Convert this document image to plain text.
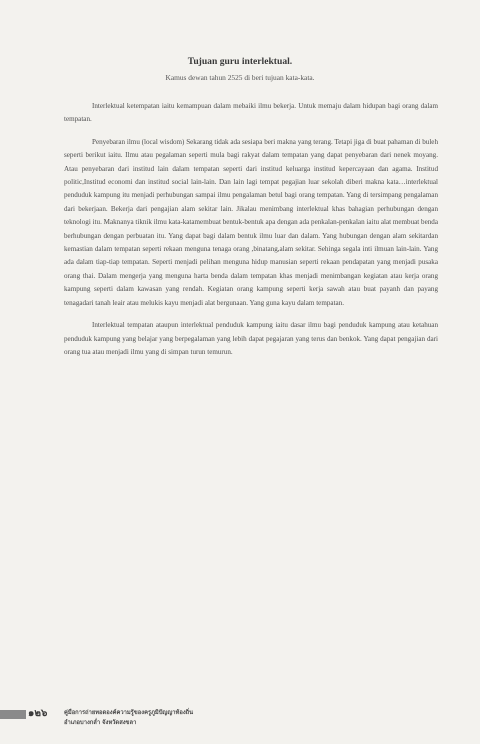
Tujuan guru interlektual.
Kamus dewan tahun 2525 di beri tujuan kata-kata.

Interlektual ketempatan iaitu kemampuan dalam mebaiki ilmu bekerja. Untuk memaju dalam hidupan bagi orang dalam tempatan.

Penyebaran ilmu (local wisdom) Sekarang tidak ada sesiapa beri makna yang terang. Tetapi jiga di buat pahaman di buleh seperti berikut iaitu. Ilmu atau pegalaman seperti mula bagi rakyat dalam tempatan yang dapat penyebaran dari nenek moyang. Atau penyebaran dari institud lain dalam tempatan seperti dari institud keluarga institud kepercayaan dan agama. Institud politic,Institud economi dan institud social lain-lain. Dan lain lagi tempat pegajian luar sekolah diberi makna kata…interlektual penduduk kampung itu menjadi perhubungan sampai ilmu pengalaman betul bagi orang tempatan. Yang di tersimpang pengalaman dari bekerjaan. Bekerja dari pengajian alam sekitar lain. Jikalau menimbang interlektual khas bahagian perhubungan dengan teknologi itu. Maknanya tiknik ilmu kata-katamembuat bentuk-bentuk apa dengan ada penkalan-penkalan iaitu alat membuat benda berhubungan dengan perbuatan itu. Yang dapat bagi dalam bentuk ilmu luar dan dalam. Yang hubungan dengan alam sekitardan kemastian dalam tempatan seperti rekaan menguna tenaga orang ,binatang,alam sekitar. Sehinga segala inti ilmuan lain-lain. Yang ada dalam tiap-tiap tempatan. Seperti menjadi pelihan menguna hidup manusian seperti rekaan pendapatan yang menjadi pusaka orang thai. Dalam mengerja yang menguna harta benda dalam tempatan khas menjadi menimbangan kegiatan atau kerja orang kampung seperti dalam kawasan yang rendah. Kegiatan orang kampung seperti kerja sawah atau buat payanh dan payang tenagadari tanah leair atau melukis kayu menjadi alat bergunaan. Yang guna kayu dalam tempatan.

Interlektual tempatan ataupun interlektual penduduk kampung iaitu dasar ilmu bagi penduduk kampung atau ketahuan penduduk kampung yang belajar yang berpegalaman yang lebih dapat pegajaran yang terus dan benkok. Yang dapat pengajian dari orang tua atau menjadi ilmu yang di simpan turun temurun.

๑๒๖	คู่มือการถ่ายทอดองค์ความรู้ของครูภูมิปัญญาท้องถิ่น
อำเภอบางกล่ำ จังหวัดสงขลา
